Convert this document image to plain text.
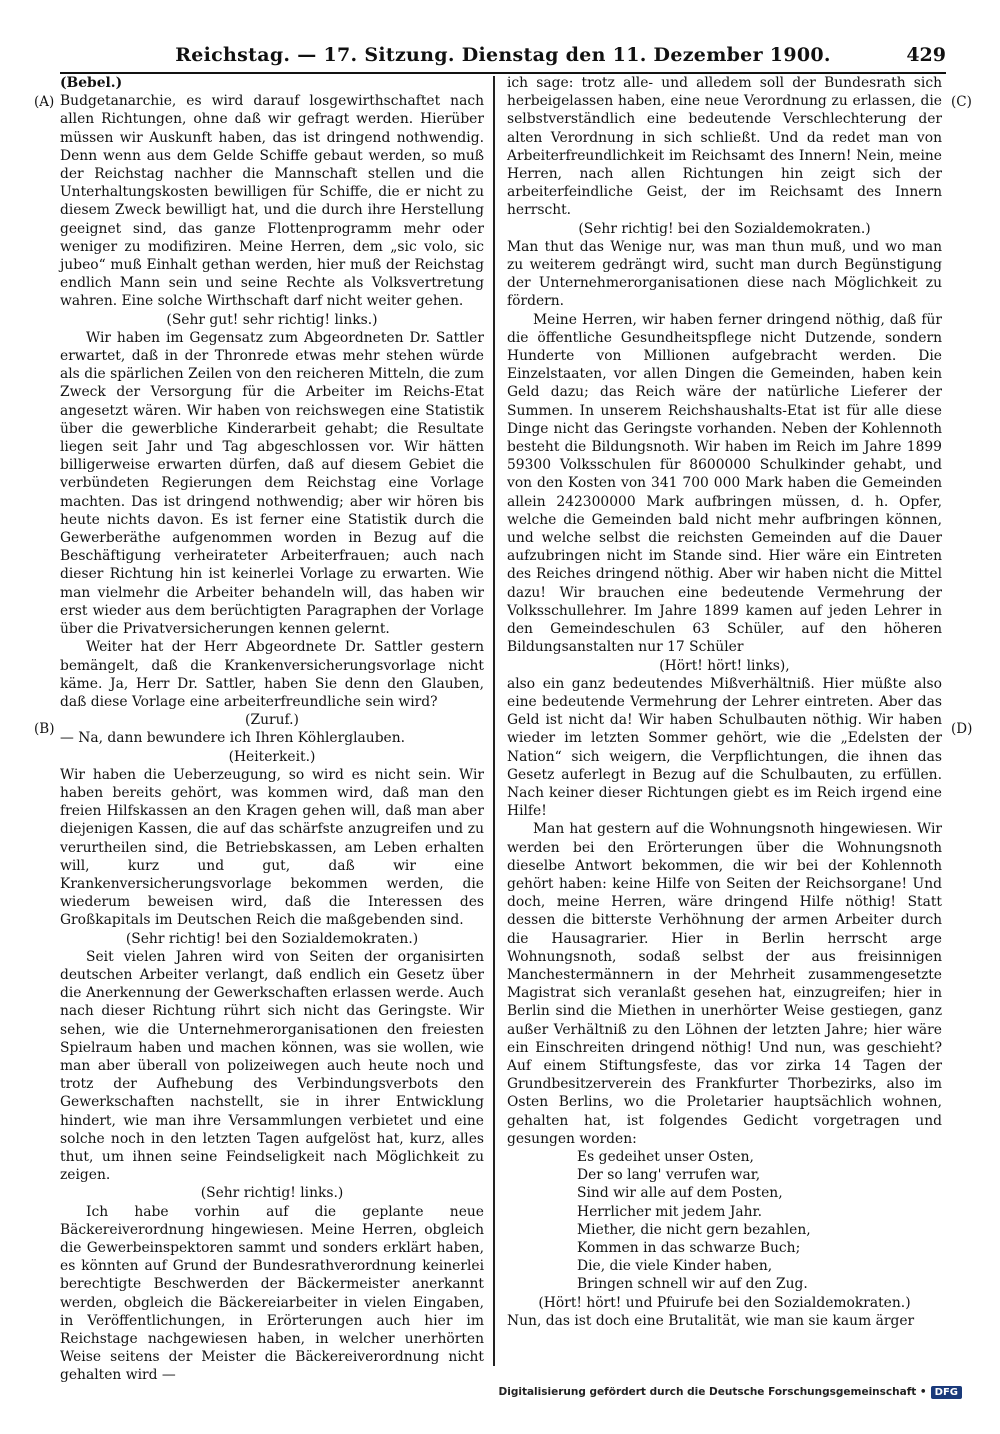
Reichstag. — 17. Sitzung. Dienstag den 11. Dezember 1900.	429
(A)
(B)
(C)
(D)

(Bebel.)

Budgetanarchie, es wird darauf losgewirthschaftet nach allen Richtungen, ohne daß wir gefragt werden. Hierüber müssen wir Auskunft haben, das ist dringend nothwendig. Denn wenn aus dem Gelde Schiffe gebaut werden, so muß der Reichstag nachher die Mannschaft stellen und die Unterhaltungskosten bewilligen für Schiffe, die er nicht zu diesem Zweck bewilligt hat, und die durch ihre Herstellung geeignet sind, das ganze Flottenprogramm mehr oder weniger zu modifiziren. Meine Herren, dem „sic volo, sic jubeo“ muß Einhalt gethan werden, hier muß der Reichstag endlich Mann sein und seine Rechte als Volksvertretung wahren. Eine solche Wirthschaft darf nicht weiter gehen.

(Sehr gut! sehr richtig! links.)

Wir haben im Gegensatz zum Abgeordneten Dr. Sattler erwartet, daß in der Thronrede etwas mehr stehen würde als die spärlichen Zeilen von den reicheren Mitteln, die zum Zweck der Versorgung für die Arbeiter im Reichs-Etat angesetzt wären. Wir haben von reichswegen eine Statistik über die gewerbliche Kinderarbeit gehabt; die Resultate liegen seit Jahr und Tag abgeschlossen vor. Wir hätten billigerweise erwarten dürfen, daß auf diesem Gebiet die verbündeten Regierungen dem Reichstag eine Vorlage machten. Das ist dringend nothwendig; aber wir hören bis heute nichts davon. Es ist ferner eine Statistik durch die Gewerberäthe aufgenommen worden in Bezug auf die Beschäftigung verheirateter Arbeiterfrauen; auch nach dieser Richtung hin ist keinerlei Vorlage zu erwarten. Wie man vielmehr die Arbeiter behandeln will, das haben wir erst wieder aus dem berüchtigten Paragraphen der Vorlage über die Privatversicherungen kennen gelernt.

Weiter hat der Herr Abgeordnete Dr. Sattler gestern bemängelt, daß die Krankenversicherungsvorlage nicht käme. Ja, Herr Dr. Sattler, haben Sie denn den Glauben, daß diese Vorlage eine arbeiterfreundliche sein wird?

(Zuruf.)

— Na, dann bewundere ich Ihren Köhlerglauben.

(Heiterkeit.)

Wir haben die Ueberzeugung, so wird es nicht sein. Wir haben bereits gehört, was kommen wird, daß man den freien Hilfskassen an den Kragen gehen will, daß man aber diejenigen Kassen, die auf das schärfste anzugreifen und zu verurtheilen sind, die Betriebskassen, am Leben erhalten will, kurz und gut, daß wir eine Krankenversicherungsvorlage bekommen werden, die wiederum beweisen wird, daß die Interessen des Großkapitals im Deutschen Reich die maßgebenden sind.

(Sehr richtig! bei den Sozialdemokraten.)

Seit vielen Jahren wird von Seiten der organisirten deutschen Arbeiter verlangt, daß endlich ein Gesetz über die Anerkennung der Gewerkschaften erlassen werde. Auch nach dieser Richtung rührt sich nicht das Geringste. Wir sehen, wie die Unternehmerorganisationen den freiesten Spielraum haben und machen können, was sie wollen, wie man aber überall von polizeiwegen auch heute noch und trotz der Aufhebung des Verbindungsverbots den Gewerkschaften nachstellt, sie in ihrer Entwicklung hindert, wie man ihre Versammlungen verbietet und eine solche noch in den letzten Tagen aufgelöst hat, kurz, alles thut, um ihnen seine Feindseligkeit nach Möglichkeit zu zeigen.

(Sehr richtig! links.)

Ich habe vorhin auf die geplante neue Bäckereiverordnung hingewiesen. Meine Herren, obgleich die Gewerbeinspektoren sammt und sonders erklärt haben, es könnten auf Grund der Bundesrathverordnung keinerlei berechtigte Beschwerden der Bäckermeister anerkannt werden, obgleich die Bäckereiarbeiter in vielen Eingaben, in Veröffentlichungen, in Erörterungen auch hier im Reichstage nachgewiesen haben, in welcher unerhörten Weise seitens der Meister die Bäckereiverordnung nicht gehalten wird —

ich sage: trotz alle- und alledem soll der Bundesrath sich herbeigelassen haben, eine neue Verordnung zu erlassen, die selbstverständlich eine bedeutende Verschlechterung der alten Verordnung in sich schließt. Und da redet man von Arbeiterfreundlichkeit im Reichsamt des Innern! Nein, meine Herren, nach allen Richtungen hin zeigt sich der arbeiterfeindliche Geist, der im Reichsamt des Innern herrscht.

(Sehr richtig! bei den Sozialdemokraten.)

Man thut das Wenige nur, was man thun muß, und wo man zu weiterem gedrängt wird, sucht man durch Begünstigung der Unternehmerorganisationen diese nach Möglichkeit zu fördern.

Meine Herren, wir haben ferner dringend nöthig, daß für die öffentliche Gesundheitspflege nicht Dutzende, sondern Hunderte von Millionen aufgebracht werden. Die Einzelstaaten, vor allen Dingen die Gemeinden, haben kein Geld dazu; das Reich wäre der natürliche Lieferer der Summen. In unserem Reichshaushalts-Etat ist für alle diese Dinge nicht das Geringste vorhanden. Neben der Kohlennoth besteht die Bildungsnoth. Wir haben im Reich im Jahre 1899 59300 Volksschulen für 8600000 Schulkinder gehabt, und von den Kosten von 341 700 000 Mark haben die Gemeinden allein 242300000 Mark aufbringen müssen, d. h. Opfer, welche die Gemeinden bald nicht mehr aufbringen können, und welche selbst die reichsten Gemeinden auf die Dauer aufzubringen nicht im Stande sind. Hier wäre ein Eintreten des Reiches dringend nöthig. Aber wir haben nicht die Mittel dazu! Wir brauchen eine bedeutende Vermehrung der Volksschullehrer. Im Jahre 1899 kamen auf jeden Lehrer in den Gemeindeschulen 63 Schüler, auf den höheren Bildungsanstalten nur 17 Schüler

(Hört! hört! links),

also ein ganz bedeutendes Mißverhältniß. Hier müßte also eine bedeutende Vermehrung der Lehrer eintreten. Aber das Geld ist nicht da! Wir haben Schulbauten nöthig. Wir haben wieder im letzten Sommer gehört, wie die „Edelsten der Nation“ sich weigern, die Verpflichtungen, die ihnen das Gesetz auferlegt in Bezug auf die Schulbauten, zu erfüllen. Nach keiner dieser Richtungen giebt es im Reich irgend eine Hilfe!

Man hat gestern auf die Wohnungsnoth hingewiesen. Wir werden bei den Erörterungen über die Wohnungsnoth dieselbe Antwort bekommen, die wir bei der Kohlennoth gehört haben: keine Hilfe von Seiten der Reichsorgane! Und doch, meine Herren, wäre dringend Hilfe nöthig! Statt dessen die bitterste Verhöhnung der armen Arbeiter durch die Hausagrarier. Hier in Berlin herrscht arge Wohnungsnoth, sodaß selbst der aus freisinnigen Manchestermännern in der Mehrheit zusammengesetzte Magistrat sich veranlaßt gesehen hat, einzugreifen; hier in Berlin sind die Miethen in unerhörter Weise gestiegen, ganz außer Verhältniß zu den Löhnen der letzten Jahre; hier wäre ein Einschreiten dringend nöthig! Und nun, was geschieht? Auf einem Stiftungsfeste, das vor zirka 14 Tagen der Grundbesitzerverein des Frankfurter Thorbezirks, also im Osten Berlins, wo die Proletarier hauptsächlich wohnen, gehalten hat, ist folgendes Gedicht vorgetragen und gesungen worden:

Es gedeihet unser Osten,
Der so lang' verrufen war,
Sind wir alle auf dem Posten,
Herrlicher mit jedem Jahr.
Miether, die nicht gern bezahlen,
Kommen in das schwarze Buch;
Die, die viele Kinder haben,
Bringen schnell wir auf den Zug.

(Hört! hört! und Pfuirufe bei den Sozialdemokraten.)

Nun, das ist doch eine Brutalität, wie man sie kaum ärger

Digitalisierung gefördert durch die Deutsche Forschungsgemeinschaft • DFG
